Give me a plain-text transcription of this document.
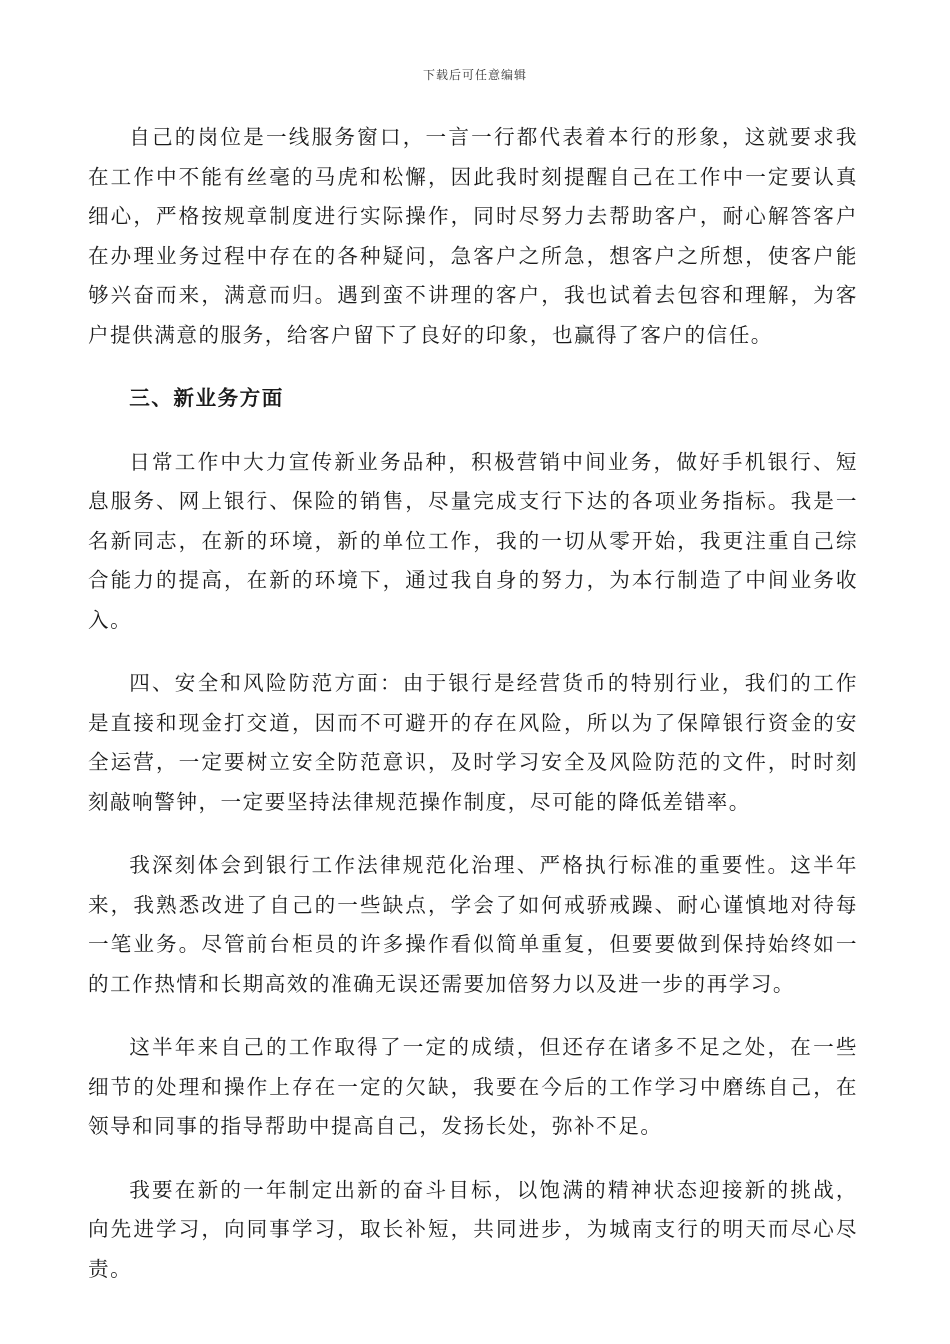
下载后可任意编辑

自己的岗位是一线服务窗口，一言一行都代表着本行的形象，这就要求我在工作中不能有丝毫的马虎和松懈，因此我时刻提醒自己在工作中一定要认真细心，严格按规章制度进行实际操作，同时尽努力去帮助客户，耐心解答客户在办理业务过程中存在的各种疑问，急客户之所急，想客户之所想，使客户能够兴奋而来，满意而归。遇到蛮不讲理的客户，我也试着去包容和理解，为客户提供满意的服务，给客户留下了良好的印象，也赢得了客户的信任。

三、新业务方面

日常工作中大力宣传新业务品种，积极营销中间业务，做好手机银行、短息服务、网上银行、保险的销售，尽量完成支行下达的各项业务指标。我是一名新同志，在新的环境，新的单位工作，我的一切从零开始，我更注重自己综合能力的提高，在新的环境下，通过我自身的努力，为本行制造了中间业务收入。

四、安全和风险防范方面：由于银行是经营货币的特别行业，我们的工作是直接和现金打交道，因而不可避开的存在风险，所以为了保障银行资金的安全运营，一定要树立安全防范意识，及时学习安全及风险防范的文件，时时刻刻敲响警钟，一定要坚持法律规范操作制度，尽可能的降低差错率。

我深刻体会到银行工作法律规范化治理、严格执行标准的重要性。这半年来，我熟悉改进了自己的一些缺点，学会了如何戒骄戒躁、耐心谨慎地对待每一笔业务。尽管前台柜员的许多操作看似简单重复，但要要做到保持始终如一的工作热情和长期高效的准确无误还需要加倍努力以及进一步的再学习。

这半年来自己的工作取得了一定的成绩，但还存在诸多不足之处，在一些细节的处理和操作上存在一定的欠缺，我要在今后的工作学习中磨练自己，在领导和同事的指导帮助中提高自己，发扬长处，弥补不足。

我要在新的一年制定出新的奋斗目标，以饱满的精神状态迎接新的挑战，向先进学习，向同事学习，取长补短，共同进步，为城南支行的明天而尽心尽责。
